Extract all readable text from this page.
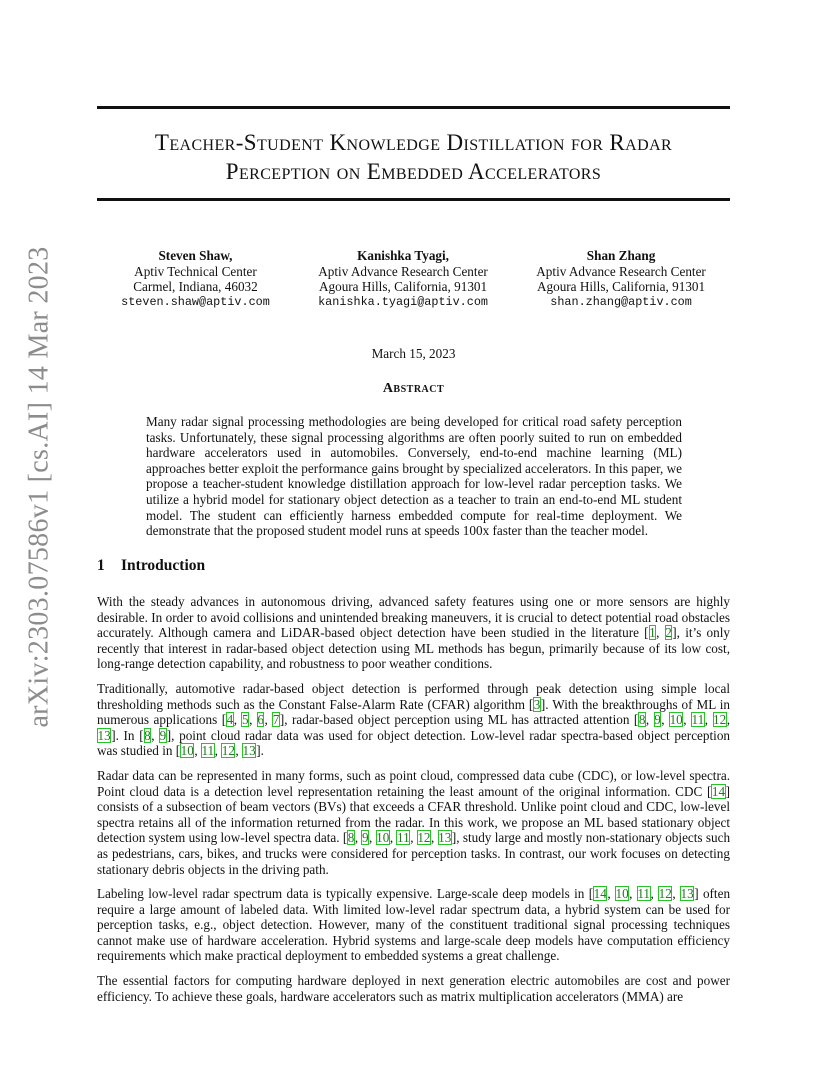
arXiv:2303.07586v1 [cs.AI] 14 Mar 2023
Teacher-Student Knowledge Distillation for Radar
Perception on Embedded Accelerators
Steven Shaw,
Aptiv Technical Center
Carmel, Indiana, 46032
steven.shaw@aptiv.com
Kanishka Tyagi,
Aptiv Advance Research Center
Agoura Hills, California, 91301
kanishka.tyagi@aptiv.com
Shan Zhang
Aptiv Advance Research Center
Agoura Hills, California, 91301
shan.zhang@aptiv.com
March 15, 2023
Abstract
Many radar signal processing methodologies are being developed for critical road safety perception tasks. Unfortunately, these signal processing algorithms are often poorly suited to run on embedded hardware accelerators used in automobiles. Conversely, end-to-end machine learning (ML) approaches better exploit the performance gains brought by specialized accelerators. In this paper, we propose a teacher-student knowledge distillation approach for low-level radar perception tasks. We utilize a hybrid model for stationary object detection as a teacher to train an end-to-end ML student model. The student can efficiently harness embedded compute for real-time deployment. We demonstrate that the proposed student model runs at speeds 100x faster than the teacher model.
1 Introduction

With the steady advances in autonomous driving, advanced safety features using one or more sensors are highly desirable. In order to avoid collisions and unintended breaking maneuvers, it is crucial to detect potential road obstacles accurately. Although camera and LiDAR-based object detection have been studied in the literature [1, 2], it’s only recently that interest in radar-based object detection using ML methods has begun, primarily because of its low cost, long-range detection capability, and robustness to poor weather conditions.

Traditionally, automotive radar-based object detection is performed through peak detection using simple local thresholding methods such as the Constant False-Alarm Rate (CFAR) algorithm [3]. With the breakthroughs of ML in numerous applications [4, 5, 6, 7], radar-based object perception using ML has attracted attention [8, 9, 10, 11, 12, 13]. In [8, 9], point cloud radar data was used for object detection. Low-level radar spectra-based object perception was studied in [10, 11, 12, 13].

Radar data can be represented in many forms, such as point cloud, compressed data cube (CDC), or low-level spectra. Point cloud data is a detection level representation retaining the least amount of the original information. CDC [14] consists of a subsection of beam vectors (BVs) that exceeds a CFAR threshold. Unlike point cloud and CDC, low-level spectra retains all of the information returned from the radar. In this work, we propose an ML based stationary object detection system using low-level spectra data. [8, 9, 10, 11, 12, 13], study large and mostly non-stationary objects such as pedestrians, cars, bikes, and trucks were considered for perception tasks. In contrast, our work focuses on detecting stationary debris objects in the driving path.

Labeling low-level radar spectrum data is typically expensive. Large-scale deep models in [14, 10, 11, 12, 13] often require a large amount of labeled data. With limited low-level radar spectrum data, a hybrid system can be used for perception tasks, e.g., object detection. However, many of the constituent traditional signal processing techniques cannot make use of hardware acceleration. Hybrid systems and large-scale deep models have computation efficiency requirements which make practical deployment to embedded systems a great challenge.

The essential factors for computing hardware deployed in next generation electric automobiles are cost and power efficiency. To achieve these goals, hardware accelerators such as matrix multiplication accelerators (MMA) are
